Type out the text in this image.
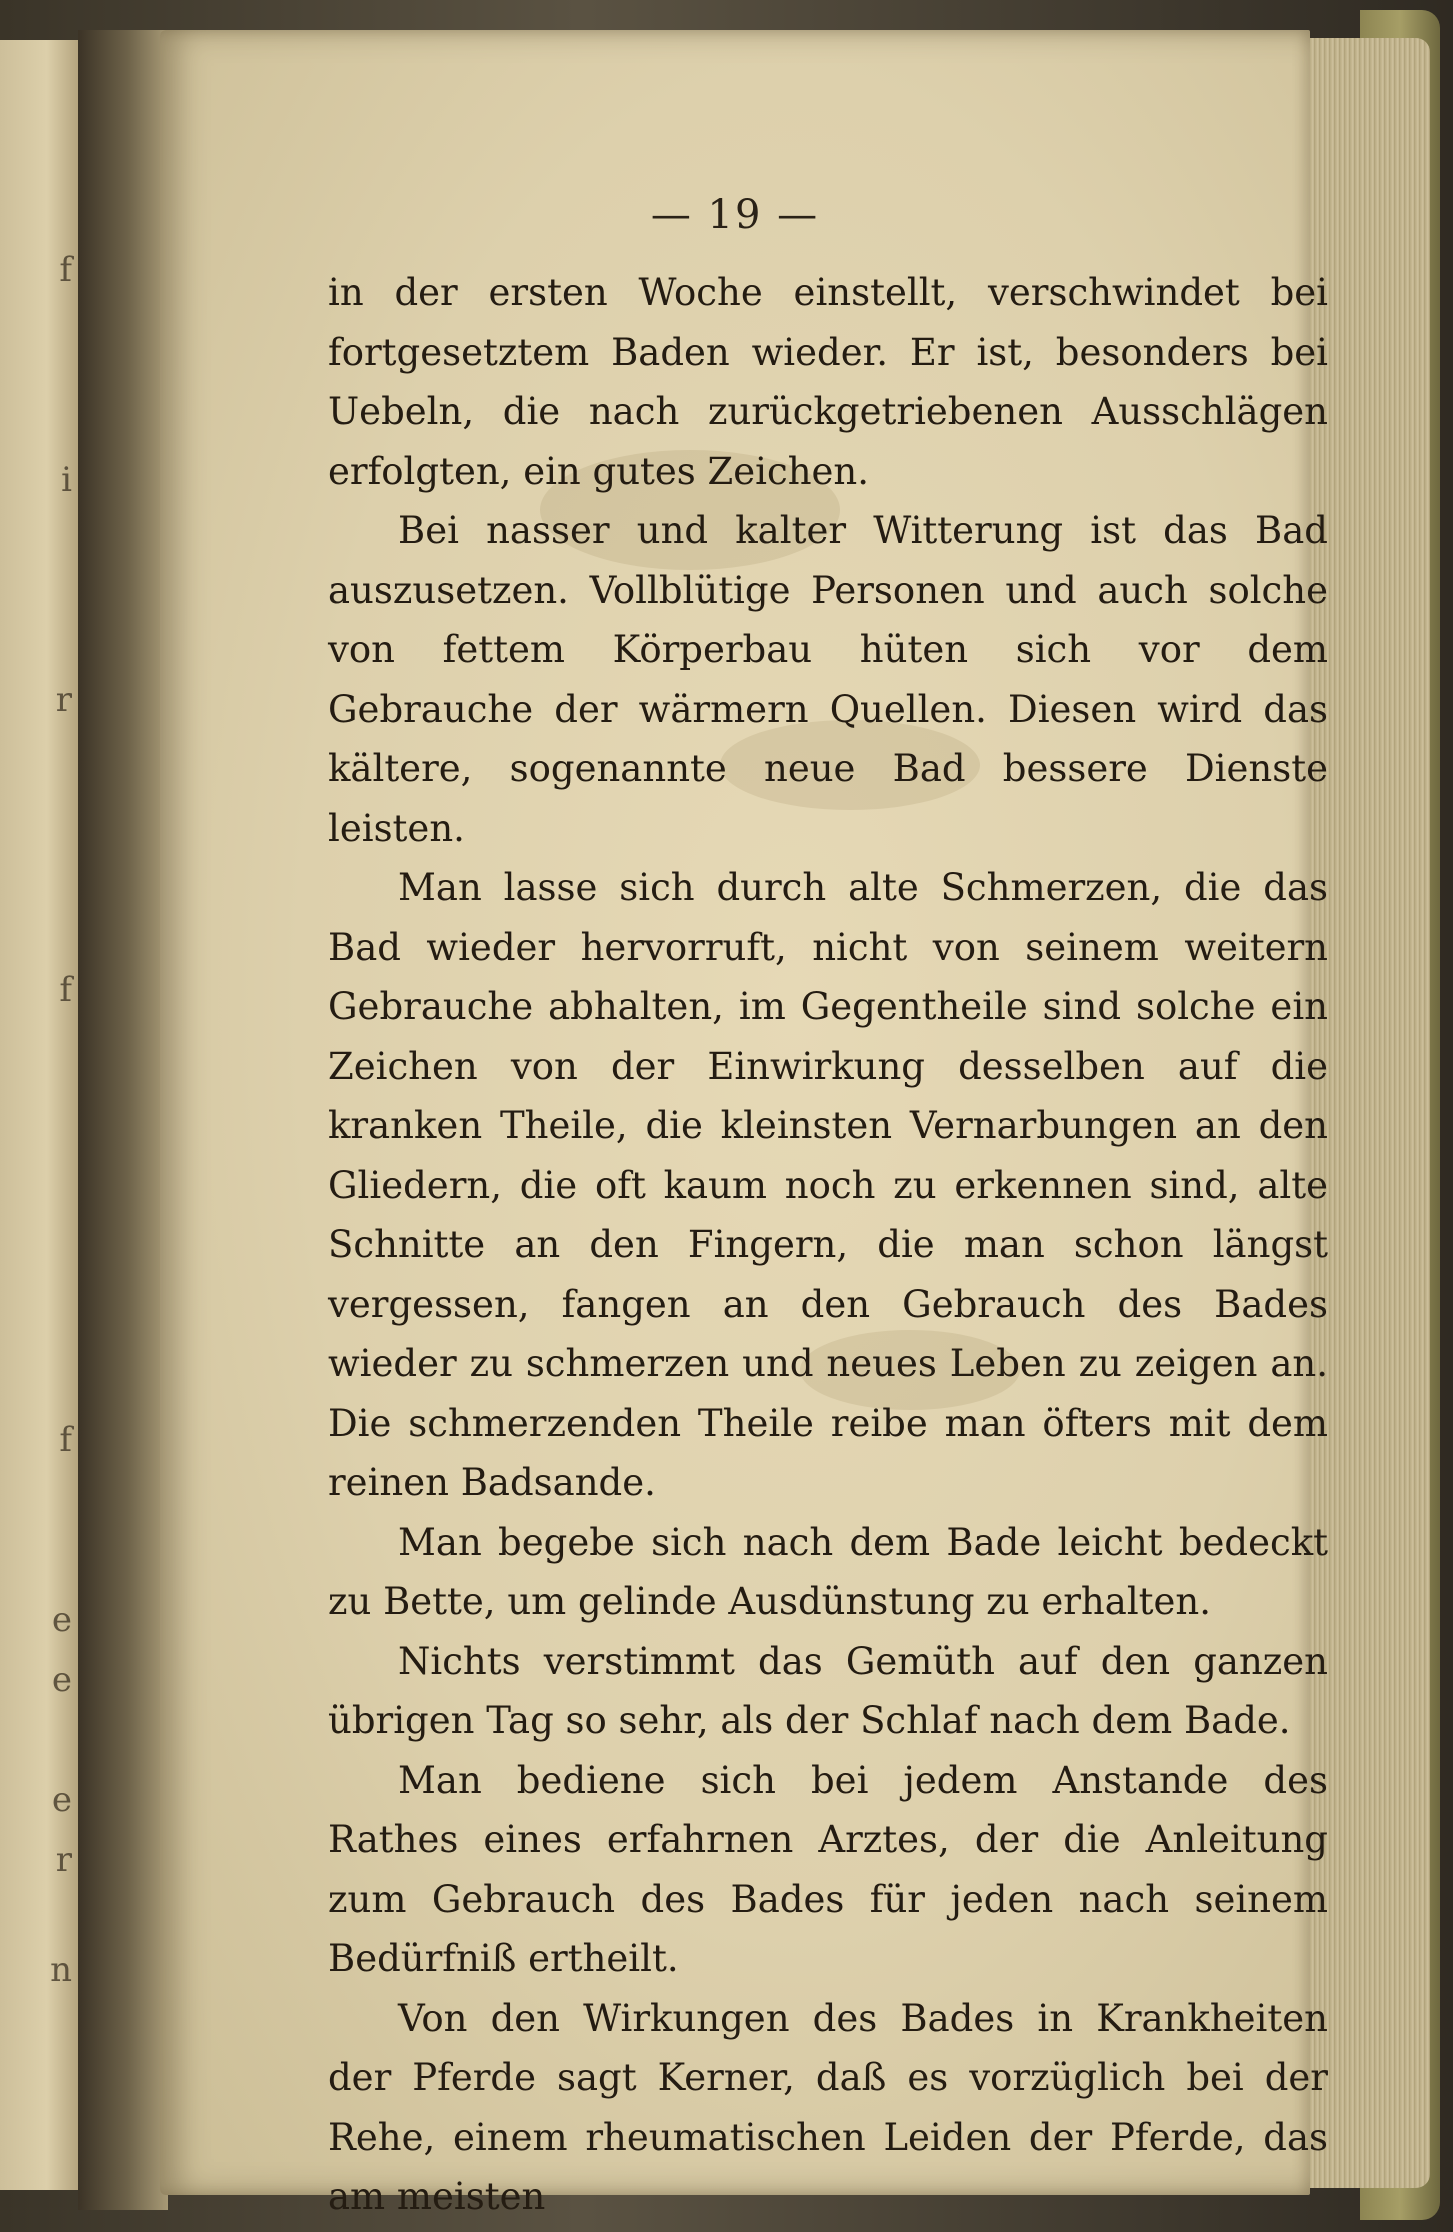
f
i
r
f
f
e
e
e
r
n
— 19 —

in der ersten Woche einstellt, verschwindet bei fortgesetztem Baden wieder. Er ist, besonders bei Uebeln, die nach zurückgetriebenen Ausschlägen erfolgten, ein gutes Zeichen.

Bei nasser und kalter Witterung ist das Bad auszusetzen. Vollblütige Personen und auch solche von fettem Körperbau hüten sich vor dem Gebrauche der wärmern Quellen. Diesen wird das kältere, sogenannte neue Bad bessere Dienste leisten.

Man lasse sich durch alte Schmerzen, die das Bad wieder hervorruft, nicht von seinem weitern Gebrauche abhalten, im Gegentheile sind solche ein Zeichen von der Einwirkung desselben auf die kranken Theile, die kleinsten Vernarbungen an den Gliedern, die oft kaum noch zu erkennen sind, alte Schnitte an den Fingern, die man schon längst vergessen, fangen an den Gebrauch des Bades wieder zu schmerzen und neues Leben zu zeigen an. Die schmerzenden Theile reibe man öfters mit dem reinen Badsande.

Man begebe sich nach dem Bade leicht bedeckt zu Bette, um gelinde Ausdünstung zu erhalten.

Nichts verstimmt das Gemüth auf den ganzen übrigen Tag so sehr, als der Schlaf nach dem Bade.

Man bediene sich bei jedem Anstande des Rathes eines erfahrnen Arztes, der die Anleitung zum Gebrauch des Bades für jeden nach seinem Bedürfniß ertheilt.

Von den Wirkungen des Bades in Krankheiten der Pferde sagt Kerner, daß es vorzüglich bei der Rehe, einem rheumatischen Leiden der Pferde, das am meisten
